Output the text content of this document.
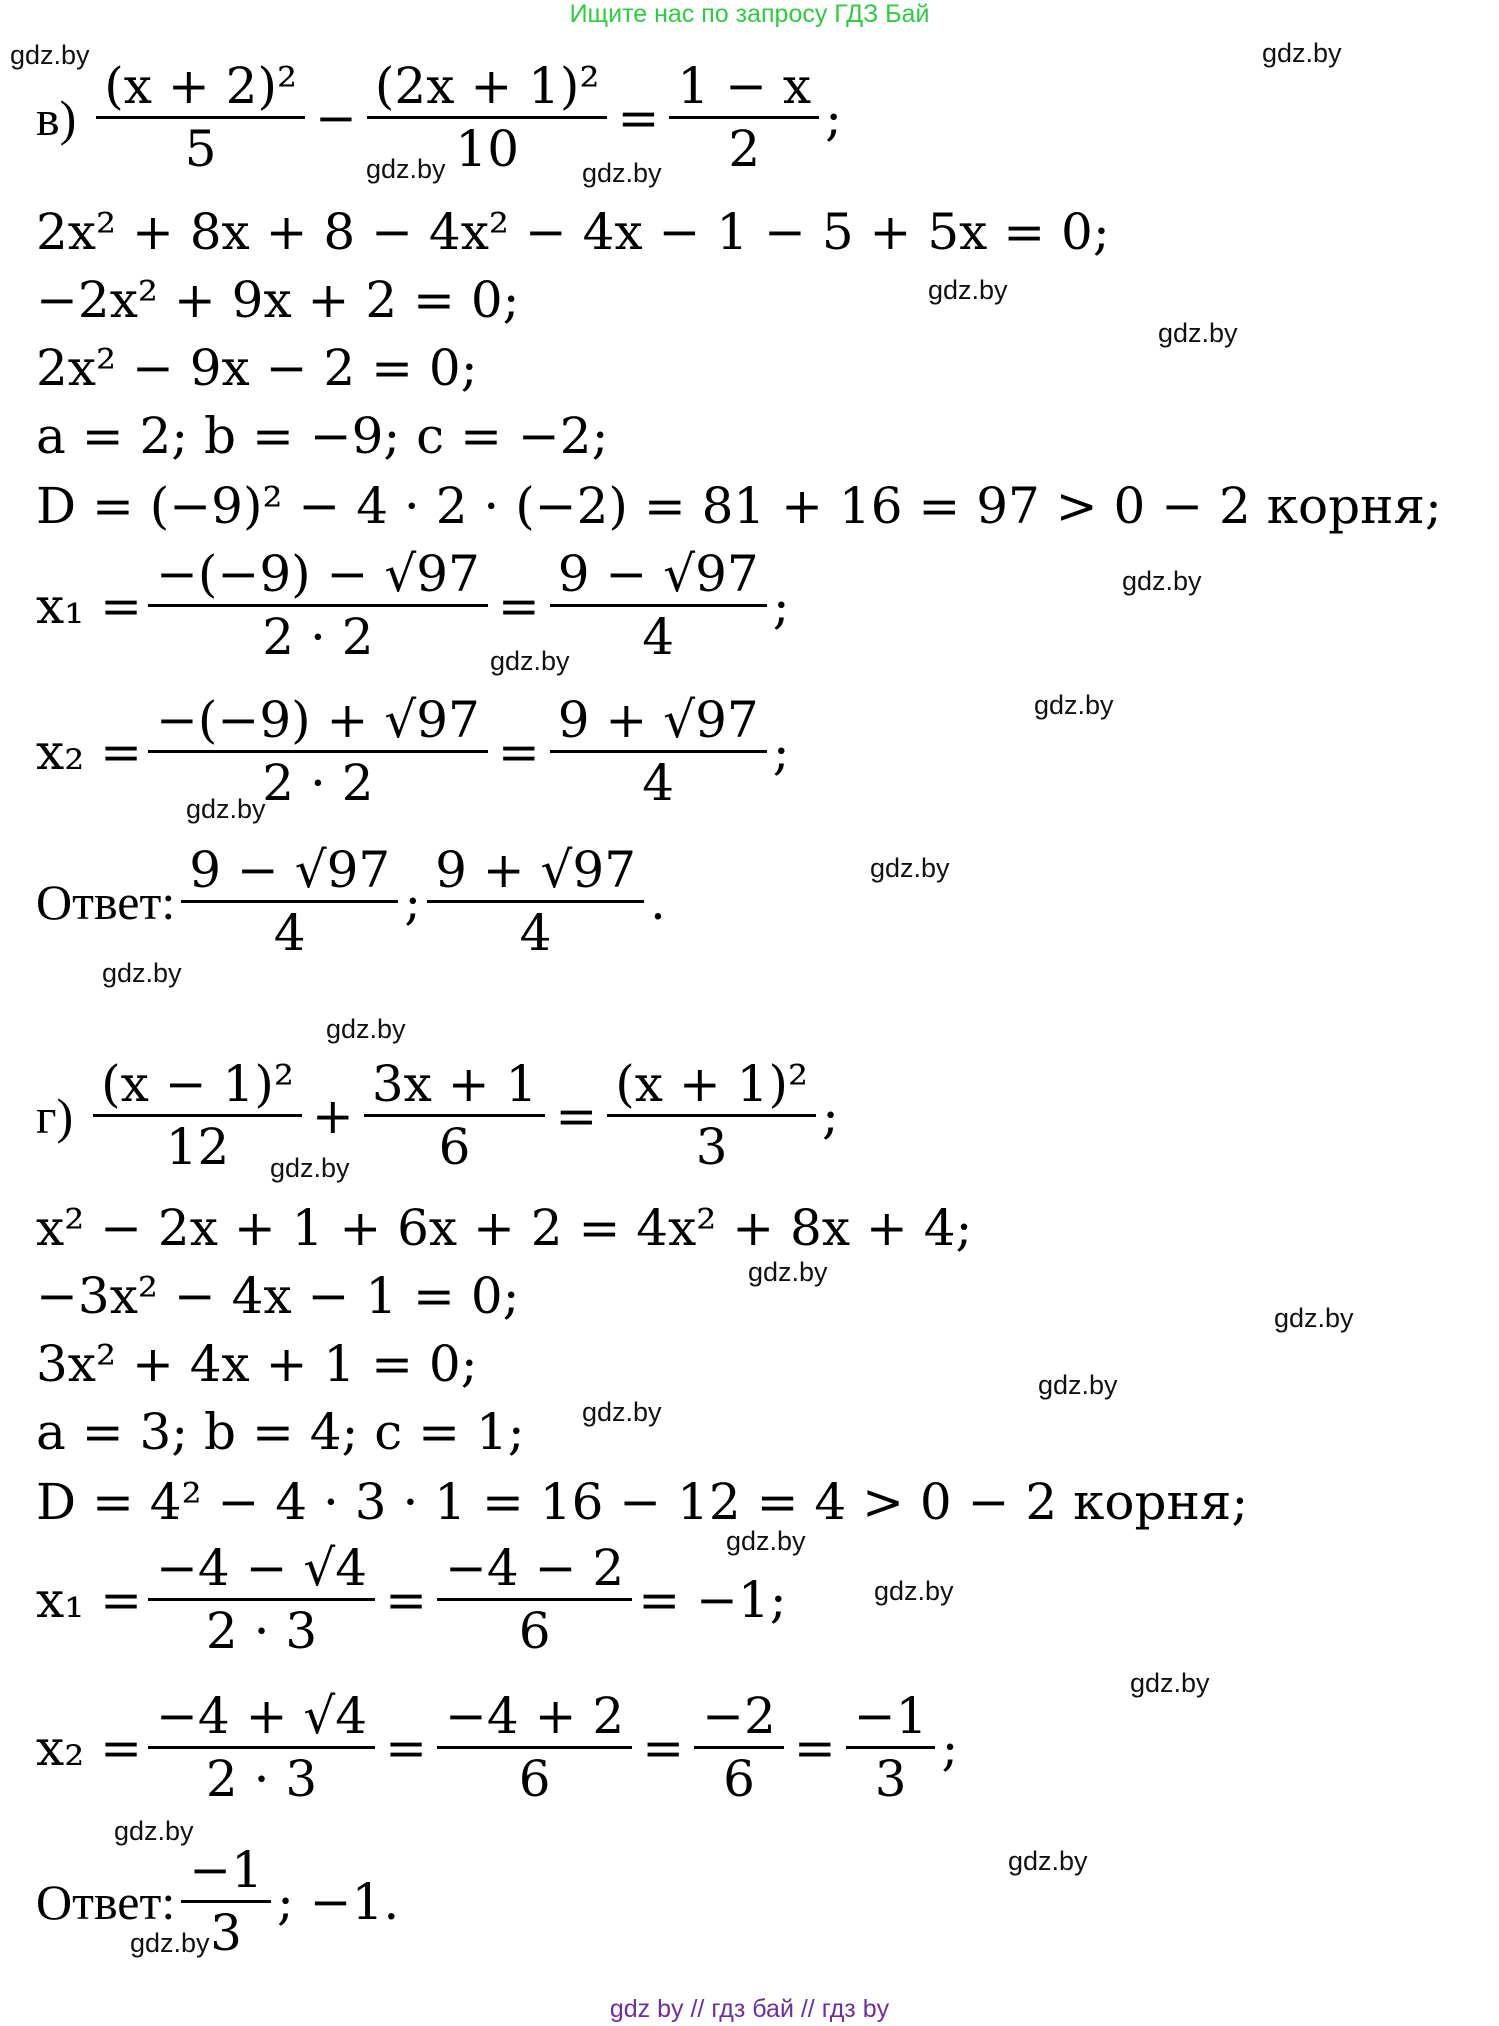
Ищите нас по запросу ГДЗ Бай
gdz.by	gdz.by
gdz.by	gdz.by
gdz.by
gdz.by
gdz.by
gdz.by
gdz.by
gdz.by
gdz.by
gdz.by
gdz.by
gdz.by
gdz.by
gdz.by
gdz.by
gdz.by
gdz.by
gdz.by
gdz.by
gdz.by
gdz.by
gdz.by
$в) \frac{\text{(x + 2)²}}{5} - \frac{\text{(2x + 1)²}}{10} = \frac{1 - x}{2}$ ;
2x² + 8x + 8 − 4x² − 4x − 1 − 5 + 5x = 0;
−2x² + 9x + 2 = 0;
2x² − 9x − 2 = 0;
a = 2; b = −9; c = −2;
D = (−9)² − 4 · 2 · (−2) = 81 + 16 = 97 > 0 − 2 корня;
$x_1 = \frac{-(-9) - √97}{2 \cdot 2} = \frac{9 - √97}{4}$ ;
$x_2 = \frac{-(-9) + √97}{2 \cdot 2} = \frac{9 + √97}{4}$ ;
Ответ: $\frac{9 - √97}{4}$ ; $\frac{9 + √97}{4}$ .
$г) \frac{\text{(x − 1)²}}{12} + \frac{3x + 1}{6} = \frac{\text{(x + 1)²}}{3}$ ;
x² − 2x + 1 + 6x + 2 = 4x² + 8x + 4;
−3x² − 4x − 1 = 0;
3x² + 4x + 1 = 0;
a = 3; b = 4; c = 1;
D = 4² − 4 · 3 · 1 = 16 − 12 = 4 > 0 − 2 корня;
$x_1 = \frac{-4 - √4}{2 \cdot 3} = \frac{-4 - 2}{6} = -1$;
$x_2 = \frac{-4 + √4}{2 \cdot 3} = \frac{-4 + 2}{6} = \frac{-2}{6} = \frac{-1}{3}$ ;
Ответ: $\frac{-1}{3}$ ; −1.
gdz by // гдз бай // гдз by
